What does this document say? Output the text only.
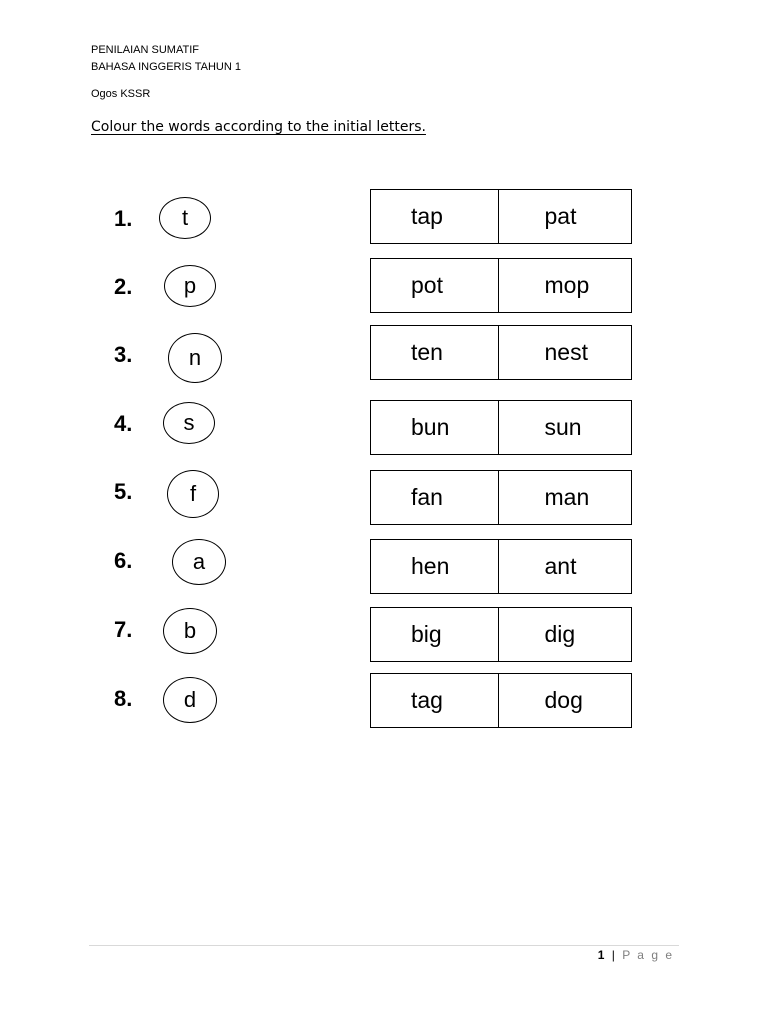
PENILAIAN SUMATIF
BAHASA INGGERIS TAHUN 1
Ogos KSSR
Colour the words according to the initial letters.
1.	t	tap	pat
2.	p	pot	mop
3.	n	ten	nest
4.	s	bun	sun
5.	f	fan	man
6.	a	hen	ant
7.	b	big	dig
8.	d	tag	dog
1 | P a g e
